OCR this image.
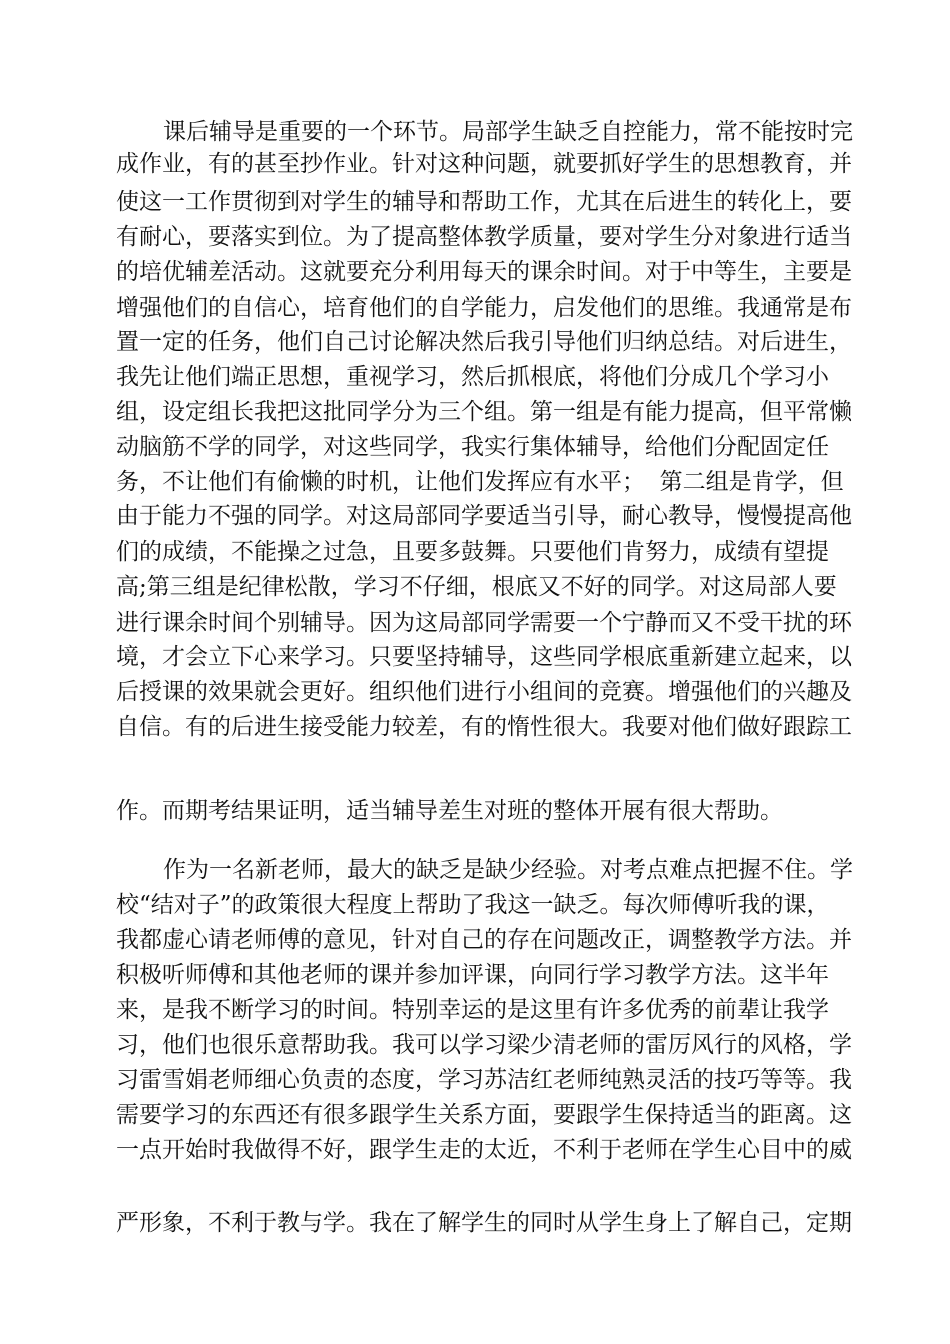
课后辅导是重要的一个环节。局部学生缺乏自控能力，常不能按时完
成作业，有的甚至抄作业。针对这种问题，就要抓好学生的思想教育，并
使这一工作贯彻到对学生的辅导和帮助工作，尤其在后进生的转化上，要
有耐心，要落实到位。为了提高整体教学质量，要对学生分对象进行适当
的培优辅差活动。这就要充分利用每天的课余时间。对于中等生，主要是
增强他们的自信心，培育他们的自学能力，启发他们的思维。我通常是布
置一定的任务，他们自己讨论解决然后我引导他们归纳总结。对后进生，
我先让他们端正思想，重视学习，然后抓根底，将他们分成几个学习小
组，设定组长我把这批同学分为三个组。第一组是有能力提高，但平常懒
动脑筋不学的同学，对这些同学，我实行集体辅导，给他们分配固定任
务，不让他们有偷懒的时机，让他们发挥应有水平；  第二组是肯学，但
由于能力不强的同学。对这局部同学要适当引导，耐心教导，慢慢提高他
们的成绩，不能操之过急，且要多鼓舞。只要他们肯努力，成绩有望提
高;第三组是纪律松散，学习不仔细，根底又不好的同学。对这局部人要
进行课余时间个别辅导。因为这局部同学需要一个宁静而又不受干扰的环
境，才会立下心来学习。只要坚持辅导，这些同学根底重新建立起来，以
后授课的效果就会更好。组织他们进行小组间的竞赛。增强他们的兴趣及
自信。有的后进生接受能力较差，有的惰性很大。我要对他们做好跟踪工
作。而期考结果证明，适当辅导差生对班的整体开展有很大帮助。
作为一名新老师，最大的缺乏是缺少经验。对考点难点把握不住。学
校“结对子”的政策很大程度上帮助了我这一缺乏。每次师傅听我的课，
我都虚心请老师傅的意见，针对自己的存在问题改正，调整教学方法。并
积极听师傅和其他老师的课并参加评课，向同行学习教学方法。这半年
来，是我不断学习的时间。特别幸运的是这里有许多优秀的前辈让我学
习，他们也很乐意帮助我。我可以学习梁少清老师的雷厉风行的风格，学
习雷雪娟老师细心负责的态度，学习苏洁红老师纯熟灵活的技巧等等。我
需要学习的东西还有很多跟学生关系方面，要跟学生保持适当的距离。这
一点开始时我做得不好，跟学生走的太近，不利于老师在学生心目中的威
严形象，不利于教与学。我在了解学生的同时从学生身上了解自己，定期
